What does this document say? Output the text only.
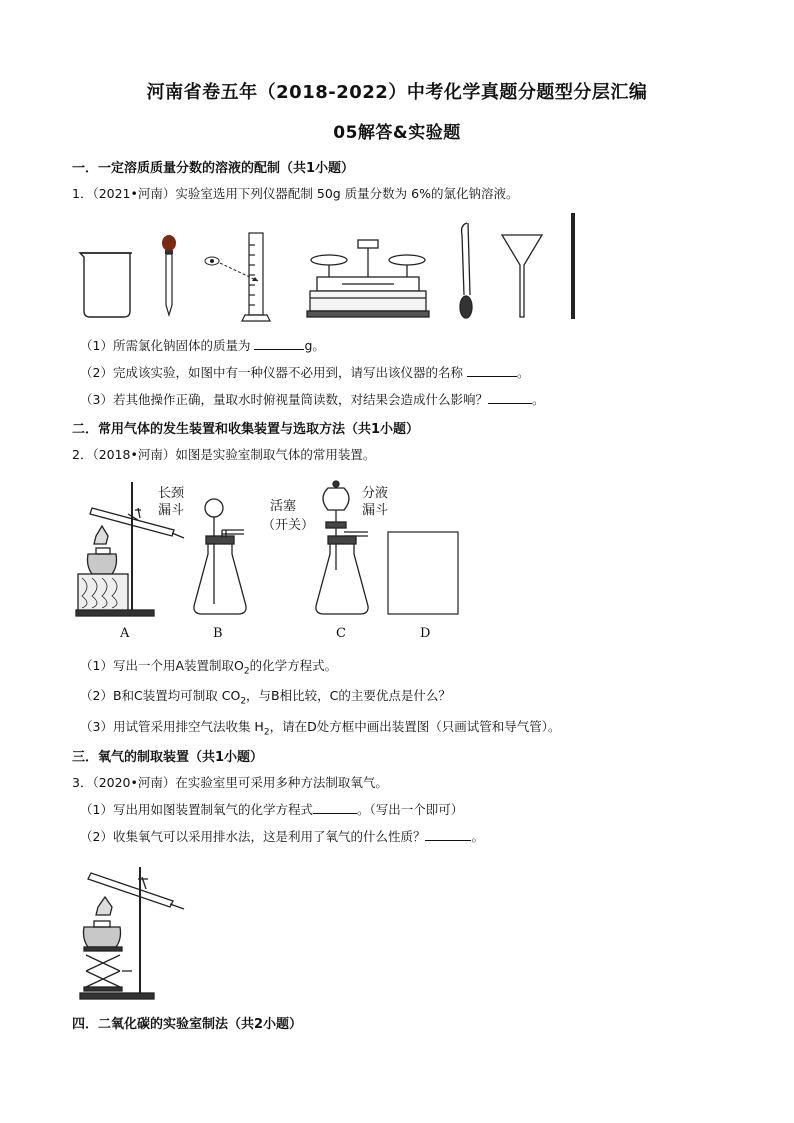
河南省卷五年（2018-2022）中考化学真题分题型分层汇编
05解答&实验题
一．一定溶质质量分数的溶液的配制（共1小题）
1．（2021•河南）实验室选用下列仪器配制 50g 质量分数为 6%的氯化钠溶液。
（1）所需氯化钠固体的质量为	g。
（2）完成该实验，如图中有一种仪器不必用到，请写出该仪器的名称	。
（3）若其他操作正确，量取水时俯视量筒读数，对结果会造成什么影响？	。
二．常用气体的发生装置和收集装置与选取方法（共1小题）
2．（2018•河南）如图是实验室制取气体的常用装置。
长颈
漏斗	活塞
（开关）
分液
漏斗
A	B	C	D
（1）写出一个用A装置制取$O_2$的化学方程式。
（2）B和C装置均可制取 $CO_2$，与B相比较，C的主要优点是什么？
（3）用试管采用排空气法收集 $H_2$，请在D处方框中画出装置图（只画试管和导气管）。
三．氧气的制取装置（共1小题）
3．（2020•河南）在实验室里可采用多种方法制取氧气。
（1）写出用如图装置制氧气的化学方程式	。（写出一个即可）
（2）收集氧气可以采用排水法，这是利用了氧气的什么性质？	。
四．二氧化碳的实验室制法（共2小题）
